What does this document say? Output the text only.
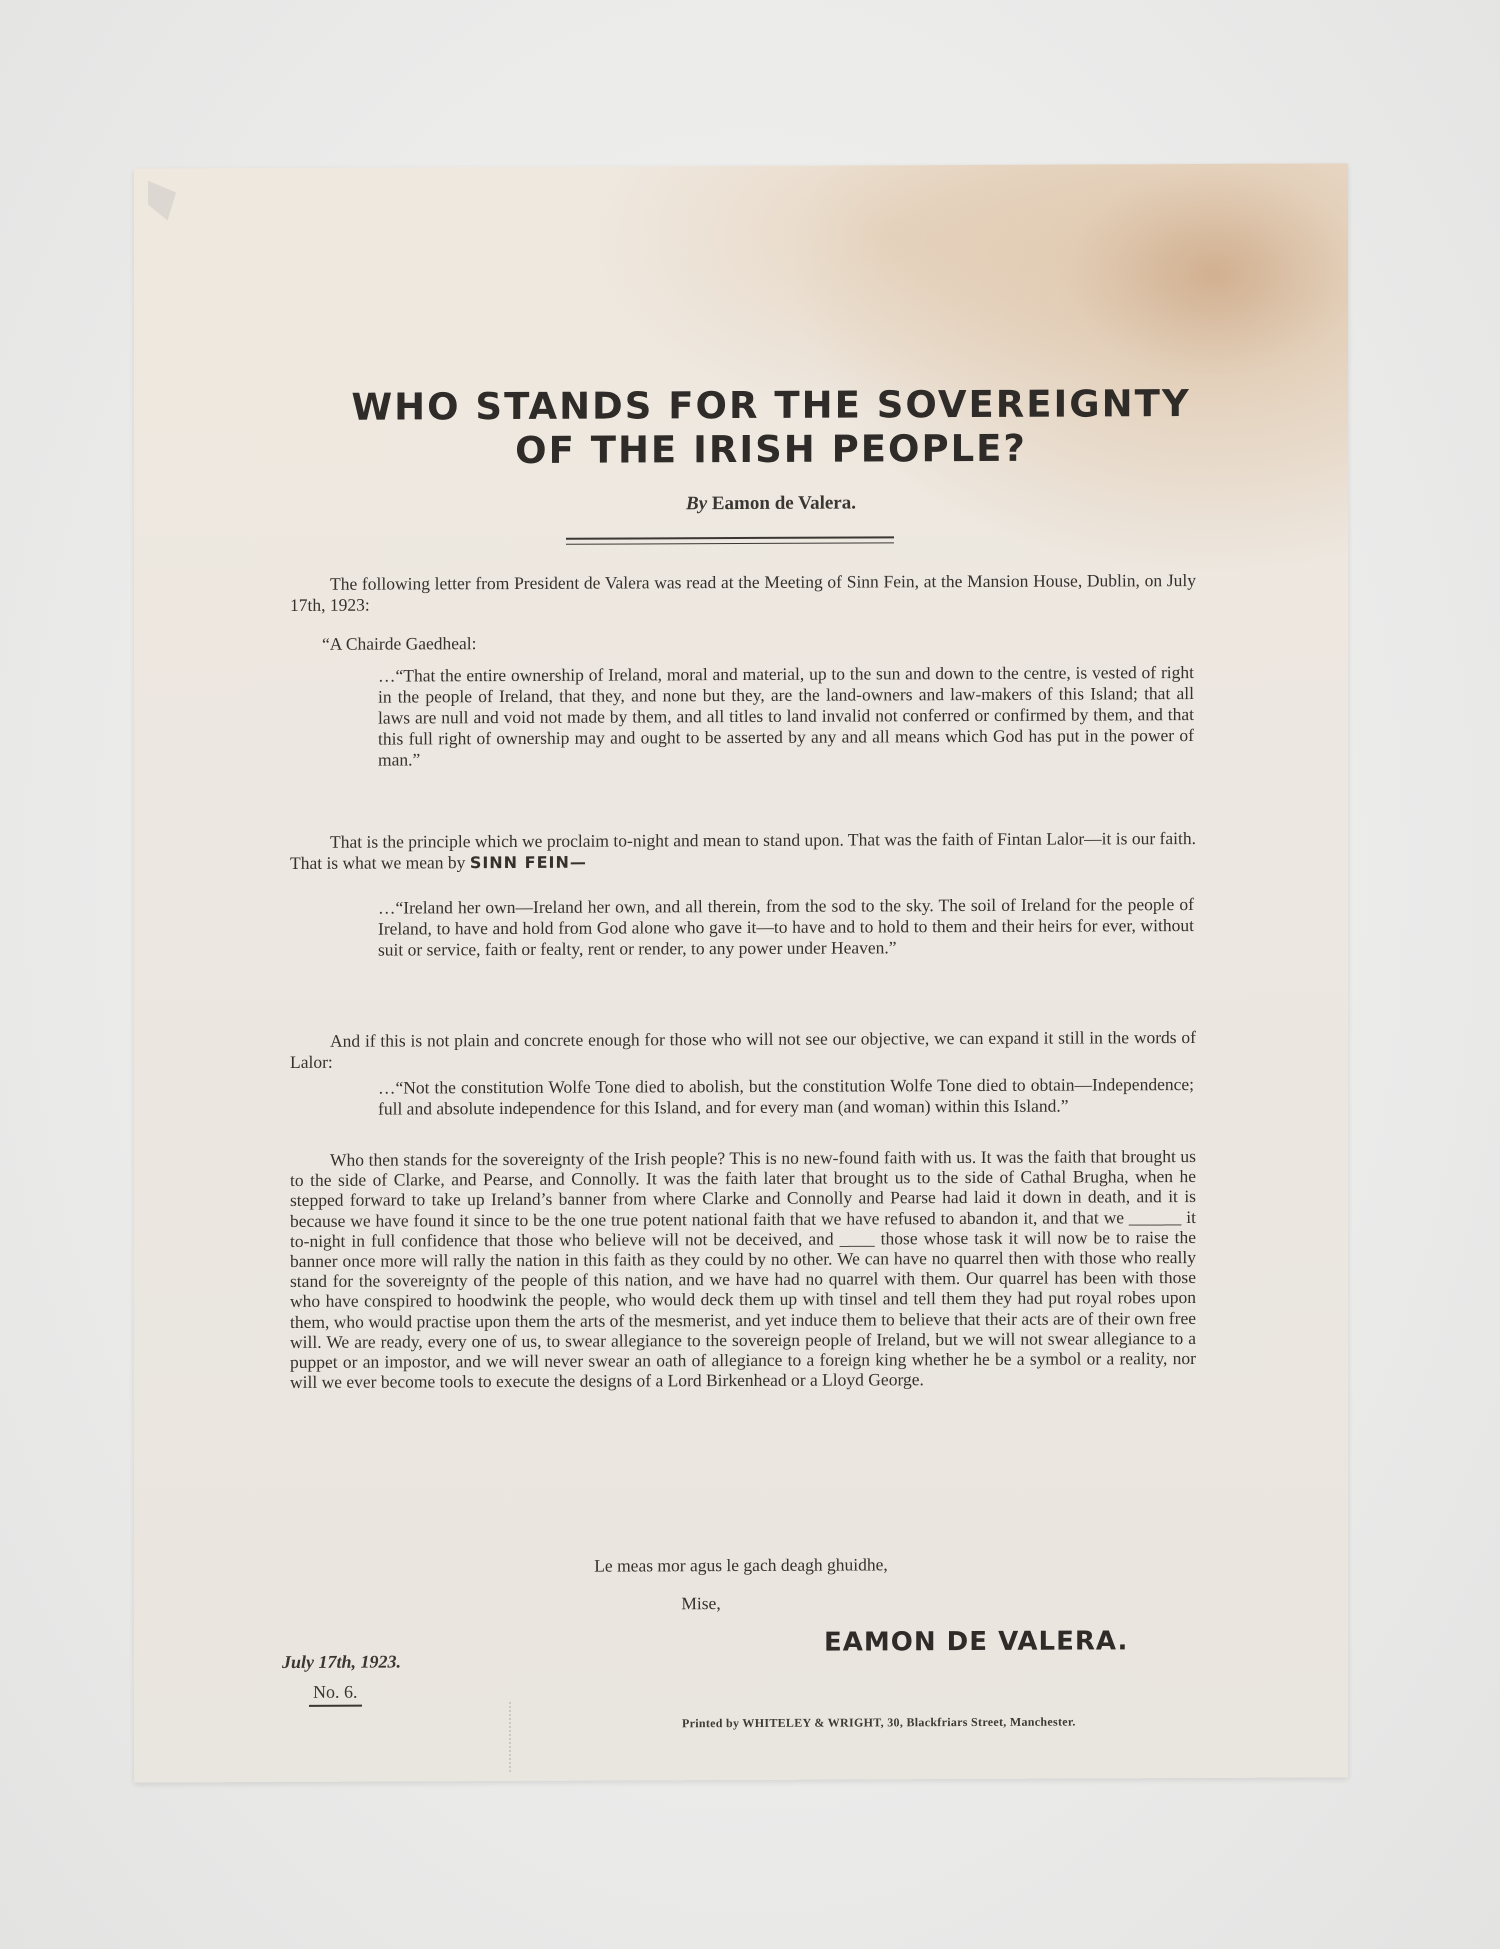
WHO STANDS FOR THE SOVEREIGNTY
OF THE IRISH PEOPLE?
By Eamon de Valera.

The following letter from President de Valera was read at the Meeting of Sinn Fein, at the Mansion House, Dublin, on July 17th, 1923:

“A Chairde Gaedheal:

…“That the entire ownership of Ireland, moral and material, up to the sun and down to the centre, is vested of right in the people of Ireland, that they, and none but they, are the land-owners and law-makers of this Island; that all laws are null and void not made by them, and all titles to land invalid not conferred or confirmed by them, and that this full right of ownership may and ought to be asserted by any and all means which God has put in the power of man.”

That is the principle which we proclaim to-night and mean to stand upon. That was the faith of Fintan Lalor—it is our faith. That is what we mean by SINN FEIN—

…“Ireland her own—Ireland her own, and all therein, from the sod to the sky. The soil of Ireland for the people of Ireland, to have and hold from God alone who gave it—to have and to hold to them and their heirs for ever, without suit or service, faith or fealty, rent or render, to any power under Heaven.”

And if this is not plain and concrete enough for those who will not see our objective, we can expand it still in the words of Lalor:

…“Not the constitution Wolfe Tone died to abolish, but the constitution Wolfe Tone died to obtain—Independence; full and absolute independence for this Island, and for every man (and woman) within this Island.”

Who then stands for the sovereignty of the Irish people? This is no new-found faith with us. It was the faith that brought us to the side of Clarke, and Pearse, and Connolly. It was the faith later that brought us to the side of Cathal Brugha, when he stepped forward to take up Ireland’s banner from where Clarke and Connolly and Pearse had laid it down in death, and it is because we have found it since to be the one true potent national faith that we have refused to abandon it, and that we ______ it to-night in full confidence that those who believe will not be deceived, and ____ those whose task it will now be to raise the banner once more will rally the nation in this faith as they could by no other. We can have no quarrel then with those who really stand for the sovereignty of the people of this nation, and we have had no quarrel with them. Our quarrel has been with those who have conspired to hoodwink the people, who would deck them up with tinsel and tell them they had put royal robes upon them, who would practise upon them the arts of the mesmerist, and yet induce them to believe that their acts are of their own free will. We are ready, every one of us, to swear allegiance to the sovereign people of Ireland, but we will not swear allegiance to a puppet or an impostor, and we will never swear an oath of allegiance to a foreign king whether he be a symbol or a reality, nor will we ever become tools to execute the designs of a Lord Birkenhead or a Lloyd George.

Le meas mor agus le gach deagh ghuidhe,
Mise,
EAMON DE VALERA.
July 17th, 1923.
No. 6.
Printed by WHITELEY & WRIGHT, 30, Blackfriars Street, Manchester.
